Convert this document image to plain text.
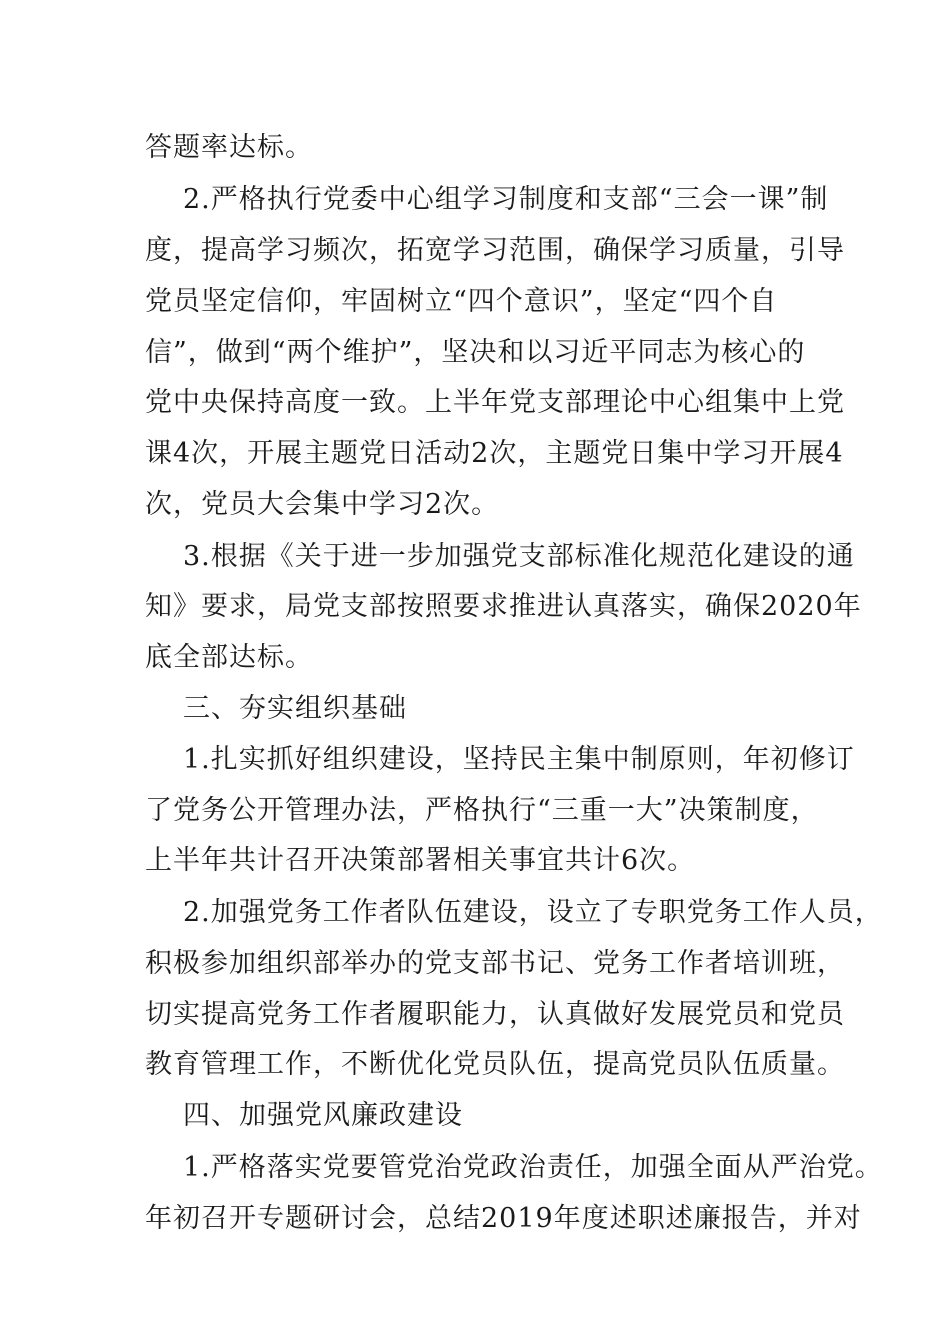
答题率达标。
2.严格执行党委中心组学习制度和支部“三会一课”制
度，提高学习频次，拓宽学习范围，确保学习质量，引导
党员坚定信仰，牢固树立“四个意识”，坚定“四个自
信”，做到“两个维护”，坚决和以习近平同志为核心的
党中央保持高度一致。上半年党支部理论中心组集中上党
课4次，开展主题党日活动2次，主题党日集中学习开展4
次，党员大会集中学习2次。
3.根据《关于进一步加强党支部标准化规范化建设的通
知》要求，局党支部按照要求推进认真落实，确保2020年
底全部达标。
三、夯实组织基础
1.扎实抓好组织建设，坚持民主集中制原则，年初修订
了党务公开管理办法，严格执行“三重一大”决策制度，
上半年共计召开决策部署相关事宜共计6次。
2.加强党务工作者队伍建设，设立了专职党务工作人员，
积极参加组织部举办的党支部书记、党务工作者培训班，
切实提高党务工作者履职能力，认真做好发展党员和党员
教育管理工作，不断优化党员队伍，提高党员队伍质量。
四、加强党风廉政建设
1.严格落实党要管党治党政治责任，加强全面从严治党。
年初召开专题研讨会，总结2019年度述职述廉报告，并对
